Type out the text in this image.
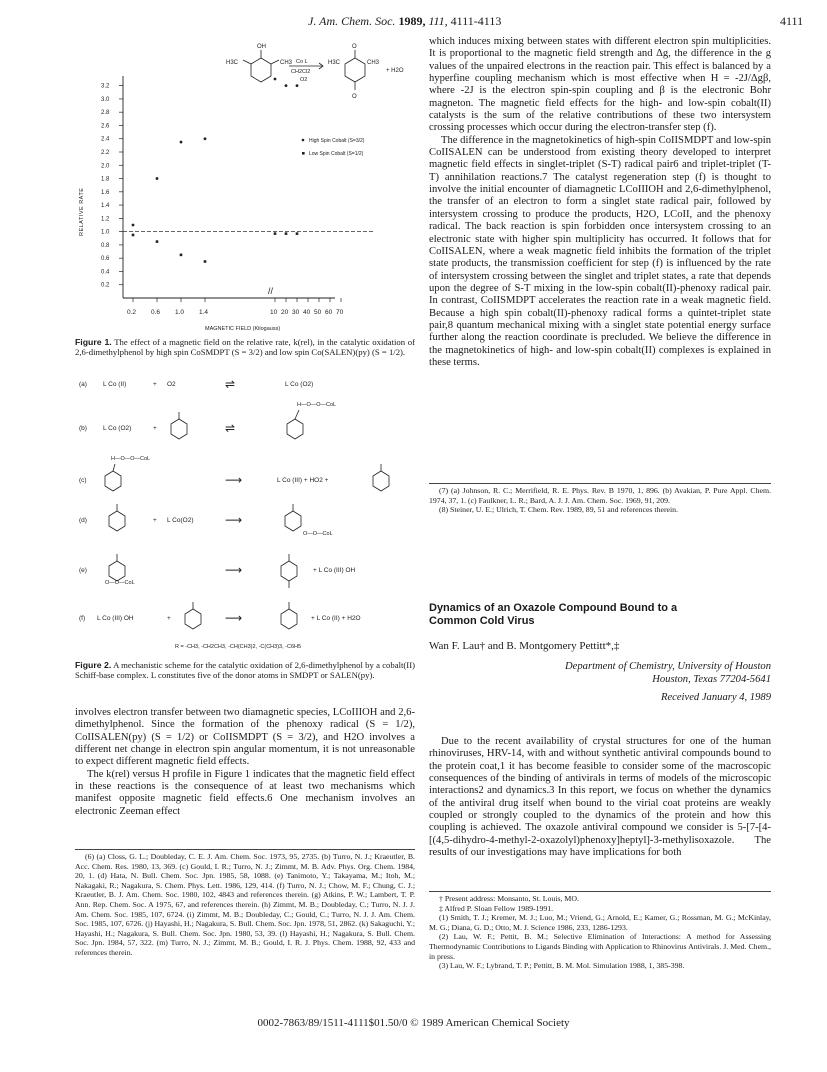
J. Am. Chem. Soc. 1989, 111, 4111-4113	4111
OH
H3C	CH3 Co L
CH2Cl2
O2
H3C	CH3
O
O
+ H2O
3.2
3.0
2.8
2.6
2.4
2.2
2.0
1.8
1.6
1.4
1.2
1.0
0.8
0.6
0.4
0.2
0.2 0.6 1.0 1.4	10 20 30 40 50 60 70
//
RELATIVE RATE
MAGNETIC FIELD (Kilogauss)
High Spin Cobalt (S=3/2)
Low Spin Cobalt (S=1/2)
Figure 1. The effect of a magnetic field on the relative rate, k(rel), in the catalytic oxidation of 2,6-dimethylphenol by high spin CoSMDPT (S = 3/2) and low spin Co(SALEN)(py) (S = 1/2).
(a) L Co (II)	+ O2	⇌	L Co (O2)
(b) L Co (O2)	+	⇌
H—O—O—CoL
(c)
H—O—O—CoL
⟶	L Co (III) + HO2 +
(d)	+ L Co(O2)	⟶
O—O—CoL
(e)
O—O—CoL
⟶	+ L Co (III) OH
(f) L Co (III) OH	+	⟶	+ L Co (II) + H2O
R = -CH3, -CH2CH3, -CH(CH3)2, -C(CH3)3, -C6H5
Figure 2. A mechanistic scheme for the catalytic oxidation of 2,6-dimethylphenol by a cobalt(II) Schiff-base complex. L constitutes five of the donor atoms in SMDPT or SALEN(py).

involves electron transfer between two diamagnetic species, LCoIIIOH and 2,6-dimethylphenol. Since the formation of the phenoxy radical (S = 1/2), CoIISALEN(py) (S = 1/2) or CoIISMDPT (S = 3/2), and H2O involves a different net change in electron spin angular momentum, it is not unreasonable to expect different magnetic field effects.

The k(rel) versus H profile in Figure 1 indicates that the magnetic field effect in these reactions is the consequence of at least two mechanisms which manifest opposite magnetic field effects.6 One mechanism involves an electronic Zeeman effect

(6) (a) Closs, G. L.; Doubleday, C. E. J. Am. Chem. Soc. 1973, 95, 2735. (b) Turro, N. J.; Kraeutler, B. Acc. Chem. Res. 1980, 13, 369. (c) Gould, I. R.; Turro, N. J.; Zimmt, M. B. Adv. Phys. Org. Chem. 1984, 20, 1. (d) Hata, N. Bull. Chem. Soc. Jpn. 1985, 58, 1088. (e) Tanimoto, Y.; Takayama, M.; Itoh, M.; Nakagaki, R.; Nagakura, S. Chem. Phys. Lett. 1986, 129, 414. (f) Turro, N. J.; Chow, M. F.; Chung, C. J.; Kraeutler, B. J. Am. Chem. Soc. 1980, 102, 4843 and references therein. (g) Atkins, P. W.; Lambert, T. P. Ann. Rep. Chem. Soc. A 1975, 67, and references therein. (h) Zimmt, M. B.; Doubleday, C.; Turro, N. J. J. Am. Chem. Soc. 1985, 107, 6724. (i) Zimmt, M. B.; Doubleday, C.; Gould, C.; Turro, N. J. J. Am. Chem. Soc. 1985, 107, 6726. (j) Hayashi, H.; Nagakura, S. Bull. Chem. Soc. Jpn. 1978, 51, 2862. (k) Sakaguchi, Y.; Hayashi, H.; Nagakura, S. Bull. Chem. Soc. Jpn. 1980, 53, 39. (l) Hayashi, H.; Nagakura, S. Bull. Chem. Soc. Jpn. 1984, 57, 322. (m) Turro, N. J.; Zimmt, M. B.; Gould, I. R. J. Phys. Chem. 1988, 92, 433 and references therein.

which induces mixing between states with different electron spin multiplicities. It is proportional to the magnetic field strength and Δg, the difference in the g values of the unpaired electrons in the reaction pair. This effect is balanced by a hyperfine coupling mechanism which is most effective when H = -2J/Δgβ, where -2J is the electron spin-spin coupling and β is the electronic Bohr magneton. The magnetic field effects for the high- and low-spin cobalt(II) catalysts is the sum of the relative contributions of these two intersystem crossing processes which occur during the electron-transfer step (f).

The difference in the magnetokinetics of high-spin CoIISMDPT and low-spin CoIISALEN can be understood from existing theory developed to interpret magnetic field effects in singlet-triplet (S-T) radical pair6 and triplet-triplet (T-T) annihilation reactions.7 The catalyst regeneration step (f) is thought to involve the initial encounter of diamagnetic LCoIIIOH and 2,6-dimethylphenol, the transfer of an electron to form a singlet state radical pair, followed by intersystem crossing to produce the products, H2O, LCoII, and the phenoxy radical. The back reaction is spin forbidden once intersystem crossing to an electronic state with higher spin multiplicity has occurred. It follows that for CoIISALEN, where a weak magnetic field inhibits the formation of the triplet state products, the transmission coefficient for step (f) is influenced by the rate of intersystem crossing between the singlet and triplet states, a rate that depends upon the degree of S-T mixing in the low-spin cobalt(II)-phenoxy radical pair. In contrast, CoIISMDPT accelerates the reaction rate in a weak magnetic field. Because a high spin cobalt(II)-phenoxy radical forms a quintet-triplet state pair,8 quantum mechanical mixing with a singlet state potential energy surface further along the reaction coordinate is precluded. We believe the difference in the magnetokinetics of high- and low-spin cobalt(II) complexes is explained in these terms.

(7) (a) Johnson, R. C.; Merrifield, R. E. Phys. Rev. B 1970, 1, 896. (b) Avakian, P. Pure Appl. Chem. 1974, 37, 1. (c) Faulkner, L. R.; Bard, A. J. J. Am. Chem. Soc. 1969, 91, 209.

(8) Steiner, U. E.; Ulrich, T. Chem. Rev. 1989, 89, 51 and references therein.

Dynamics of an Oxazole Compound Bound to a
Common Cold Virus
Wan F. Lau† and B. Montgomery Pettitt*,‡
Department of Chemistry, University of Houston
Houston, Texas 77204-5641
Received January 4, 1989

Due to the recent availability of crystal structures for one of the human rhinoviruses, HRV-14, with and without synthetic antiviral compounds bound to the protein coat,1 it has become feasible to consider some of the macroscopic consequences of the binding of antivirals in terms of models of the microscopic interactions2 and dynamics.3 In this report, we focus on whether the dynamics of the antiviral drug itself when bound to the virial coat proteins are weakly coupled or strongly coupled to the dynamics of the protein and how this coupling is achieved. The oxazole antiviral compound we consider is 5-[7-[4-[(4,5-dihydro-4-methyl-2-oxazolyl)phenoxy]heptyl]-3-methylisoxazole. The results of our investigations may have implications for both

† Present address: Monsanto, St. Louis, MO.

‡ Alfred P. Sloan Fellow 1989-1991.

(1) Smith, T. J.; Kremer, M. J.; Luo, M.; Vriend, G.; Arnold, E.; Kamer, G.; Rossman, M. G.; McKinlay, M. G.; Diana, G. D.; Otto, M. J. Science 1986, 233, 1286-1293.

(2) Lau, W. F.; Pettit, B. M.; Selective Elimination of Interactions: A method for Assessing Thermodynamic Contributions to Ligands Binding with Application to Rhinovirus Antivirals. J. Med. Chem., in press.

(3) Lau, W. F.; Lybrand, T. P.; Pettitt, B. M. Mol. Simulation 1988, 1, 385-398.

0002-7863/89/1511-4111$01.50/0 © 1989 American Chemical Society
